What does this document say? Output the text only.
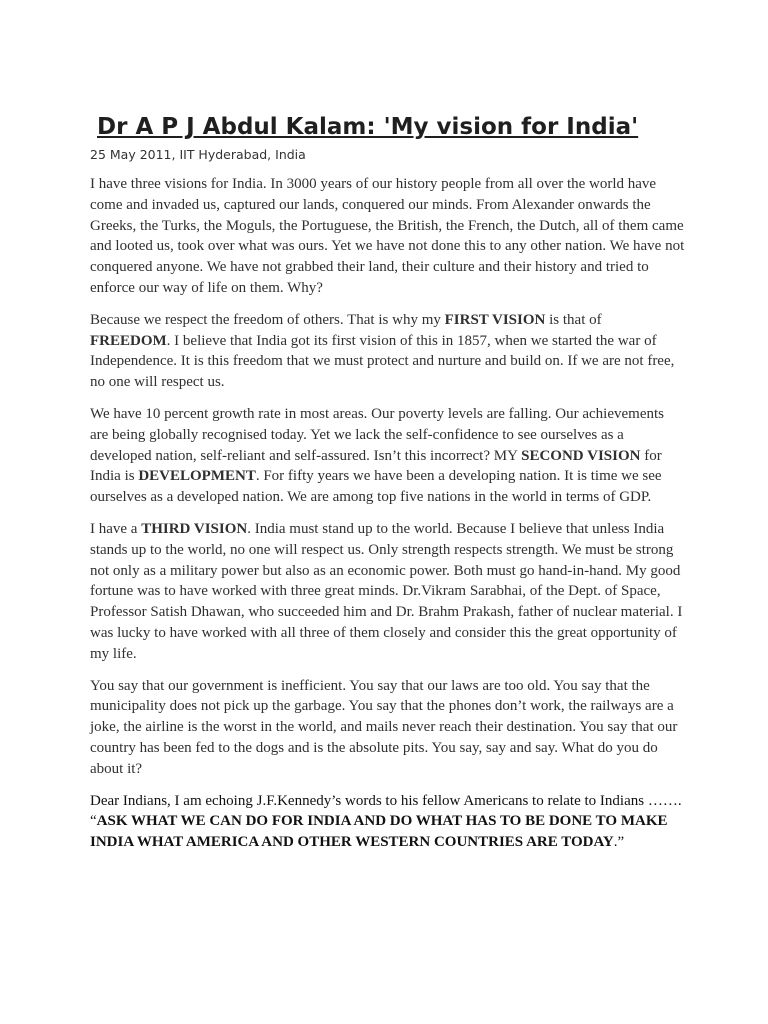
Dr A P J Abdul Kalam: 'My vision for India'
25 May 2011, IIT Hyderabad, India

I have three visions for India. In 3000 years of our history people from all over the world have come and invaded us, captured our lands, conquered our minds. From Alexander onwards the Greeks, the Turks, the Moguls, the Portuguese, the British, the French, the Dutch, all of them came and looted us, took over what was ours. Yet we have not done this to any other nation. We have not conquered anyone. We have not grabbed their land, their culture and their history and tried to enforce our way of life on them. Why?

Because we respect the freedom of others. That is why my FIRST VISION is that of FREEDOM. I believe that India got its first vision of this in 1857, when we started the war of Independence. It is this freedom that we must protect and nurture and build on. If we are not free, no one will respect us.

We have 10 percent growth rate in most areas. Our poverty levels are falling. Our achievements are being globally recognised today. Yet we lack the self-confidence to see ourselves as a developed nation, self-reliant and self-assured. Isn’t this incorrect? MY SECOND VISION for India is DEVELOPMENT. For fifty years we have been a developing nation. It is time we see ourselves as a developed nation. We are among top five nations in the world in terms of GDP.

I have a THIRD VISION. India must stand up to the world. Because I believe that unless India stands up to the world, no one will respect us. Only strength respects strength. We must be strong not only as a military power but also as an economic power. Both must go hand-in-hand. My good fortune was to have worked with three great minds. Dr.Vikram Sarabhai, of the Dept. of Space, Professor Satish Dhawan, who succeeded him and Dr. Brahm Prakash, father of nuclear material. I was lucky to have worked with all three of them closely and consider this the great opportunity of my life.

You say that our government is inefficient. You say that our laws are too old. You say that the municipality does not pick up the garbage. You say that the phones don’t work, the railways are a joke, the airline is the worst in the world, and mails never reach their destination. You say that our country has been fed to the dogs and is the absolute pits. You say, say and say. What do you do about it?

Dear Indians, I am echoing J.F.Kennedy’s words to his fellow Americans to relate to Indians ……. “ASK WHAT WE CAN DO FOR INDIA AND DO WHAT HAS TO BE DONE TO MAKE INDIA WHAT AMERICA AND OTHER WESTERN COUNTRIES ARE TODAY.”
